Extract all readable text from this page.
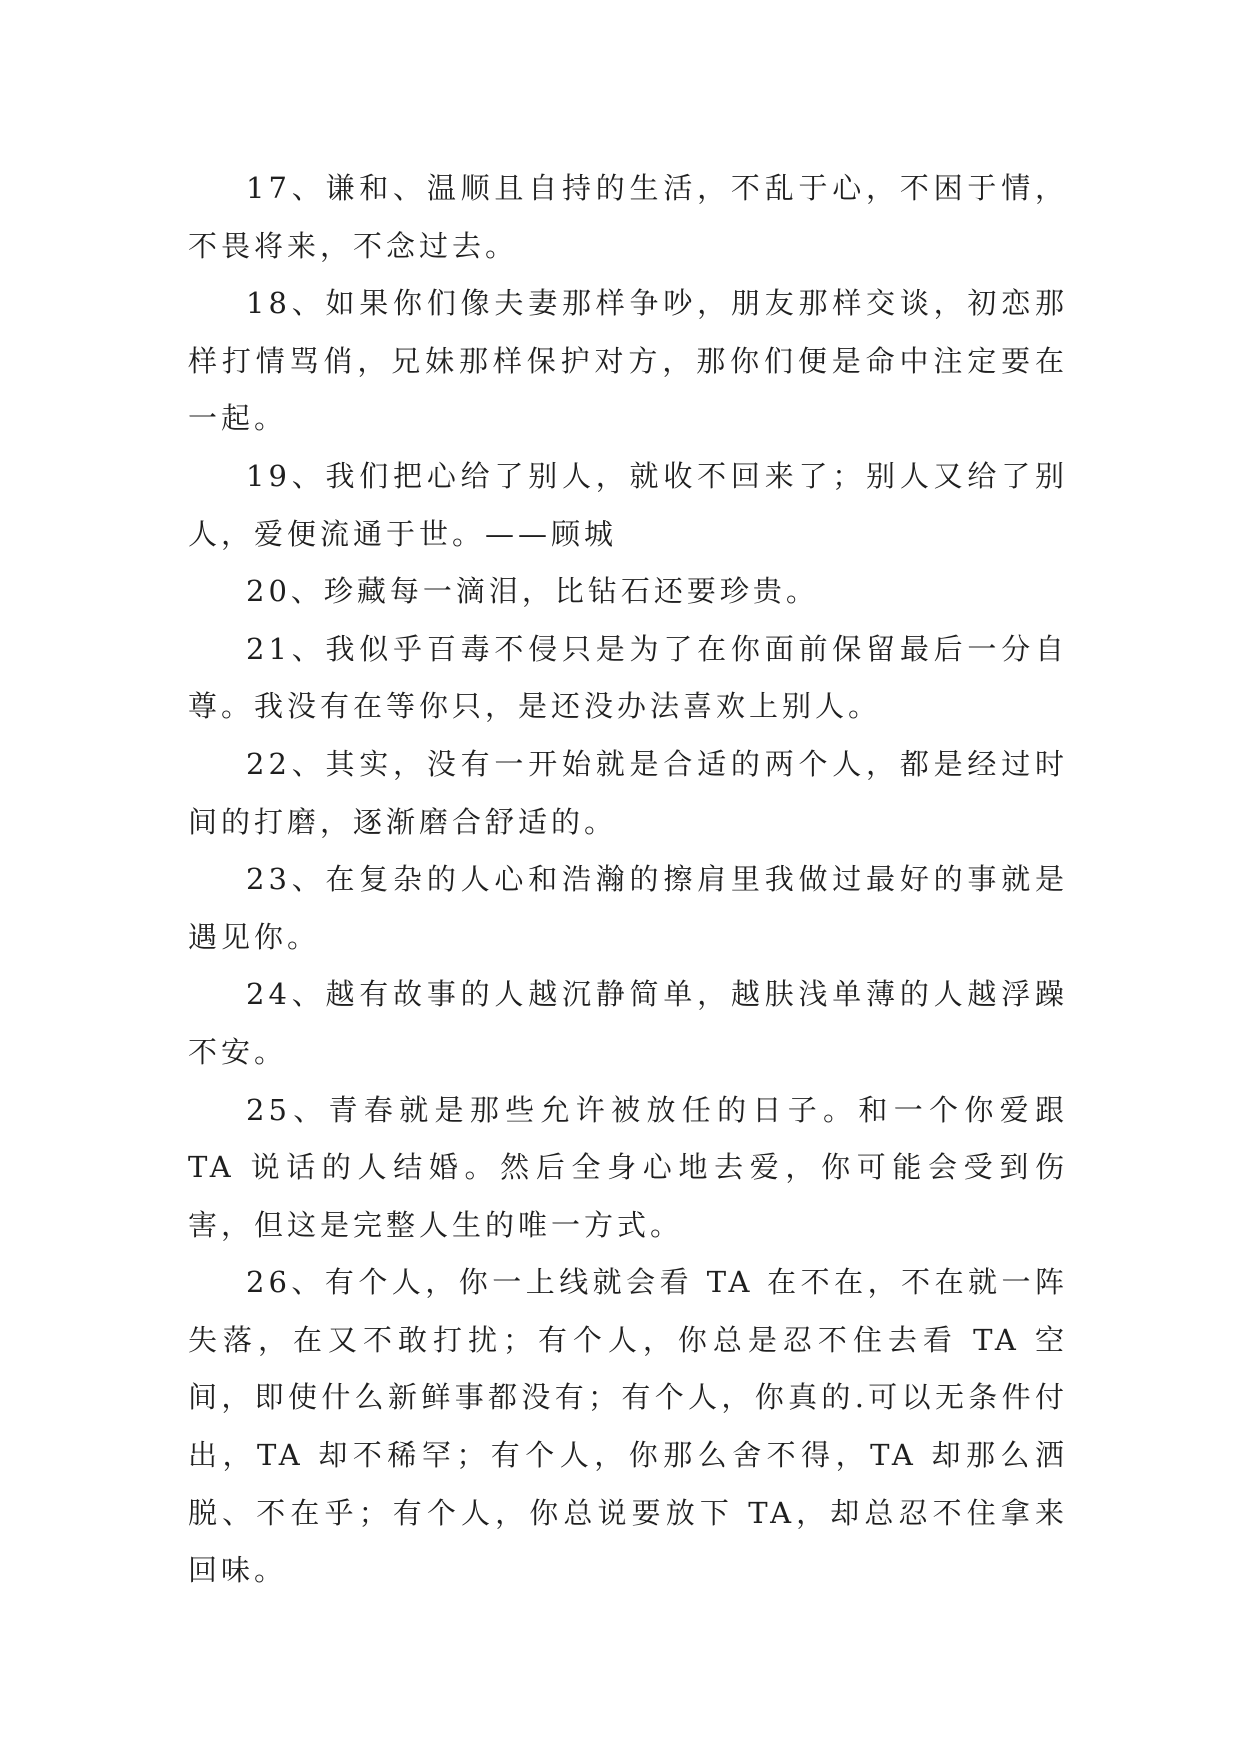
17、谦和、温顺且自持的生活，不乱于心，不困于情，不畏将来，不念过去。

18、如果你们像夫妻那样争吵，朋友那样交谈，初恋那样打情骂俏，兄妹那样保护对方，那你们便是命中注定要在一起。

19、我们把心给了别人，就收不回来了；别人又给了别人，爱便流通于世。——顾城

20、珍藏每一滴泪，比钻石还要珍贵。

21、我似乎百毒不侵只是为了在你面前保留最后一分自尊。我没有在等你只，是还没办法喜欢上别人。

22、其实，没有一开始就是合适的两个人，都是经过时间的打磨，逐渐磨合舒适的。

23、在复杂的人心和浩瀚的擦肩里我做过最好的事就是遇见你。

24、越有故事的人越沉静简单，越肤浅单薄的人越浮躁不安。

25、青春就是那些允许被放任的日子。和一个你爱跟 TA 说话的人结婚。然后全身心地去爱，你可能会受到伤害，但这是完整人生的唯一方式。

26、有个人，你一上线就会看 TA 在不在，不在就一阵失落，在又不敢打扰；有个人，你总是忍不住去看 TA 空间，即使什么新鲜事都没有；有个人，你真的.可以无条件付出，TA 却不稀罕；有个人，你那么舍不得，TA 却那么洒脱、不在乎；有个人，你总说要放下 TA，却总忍不住拿来回味。
